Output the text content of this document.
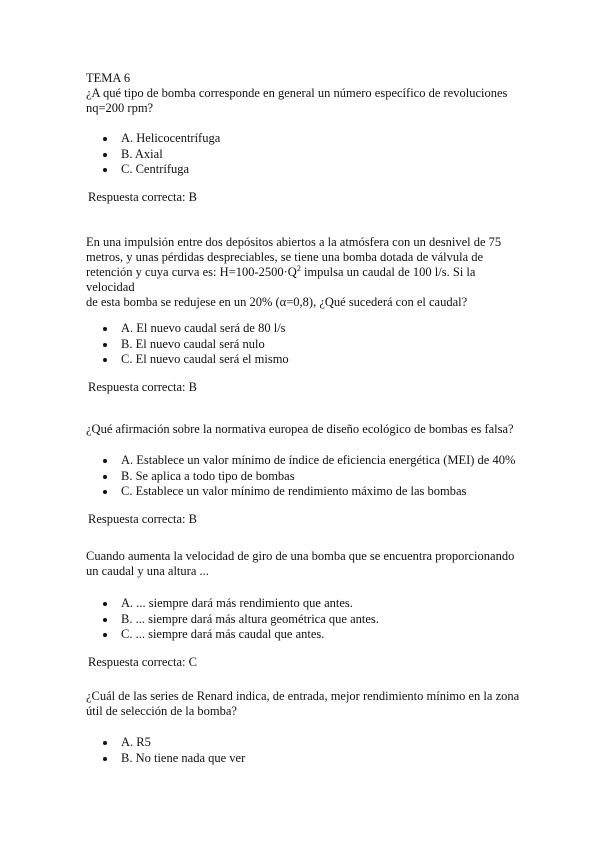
TEMA 6

¿A qué tipo de bomba corresponde en general un número específico de revoluciones

nq=200 rpm?

A. Helicocentrífuga
B. Axial
C. Centrífuga
Respuesta correcta: B

En una impulsión entre dos depósitos abiertos a la atmósfera con un desnivel de 75

metros, y unas pérdidas despreciables, se tiene una bomba dotada de válvula de

retención y cuya curva es: $H=100-2500\cdot Q^2$ impulsa un caudal de 100 l/s. Si la velocidad

de esta bomba se redujese en un 20% (α=0,8), ¿Qué sucederá con el caudal?

A. El nuevo caudal será de 80 l/s
B. El nuevo caudal será nulo
C. El nuevo caudal será el mismo
Respuesta correcta: B

¿Qué afirmación sobre la normativa europea de diseño ecológico de bombas es falsa?

A. Establece un valor mínimo de índice de eficiencia energética (MEI) de 40%
B. Se aplica a todo tipo de bombas
C. Establece un valor mínimo de rendimiento máximo de las bombas
Respuesta correcta: B

Cuando aumenta la velocidad de giro de una bomba que se encuentra proporcionando

un caudal y una altura ...

A. ... siempre dará más rendimiento que antes.
B. ... siempre dará más altura geométrica que antes.
C. ... siempre dará más caudal que antes.
Respuesta correcta: C

¿Cuál de las series de Renard indica, de entrada, mejor rendimiento mínimo en la zona

útil de selección de la bomba?

A. R5
B. No tiene nada que ver
